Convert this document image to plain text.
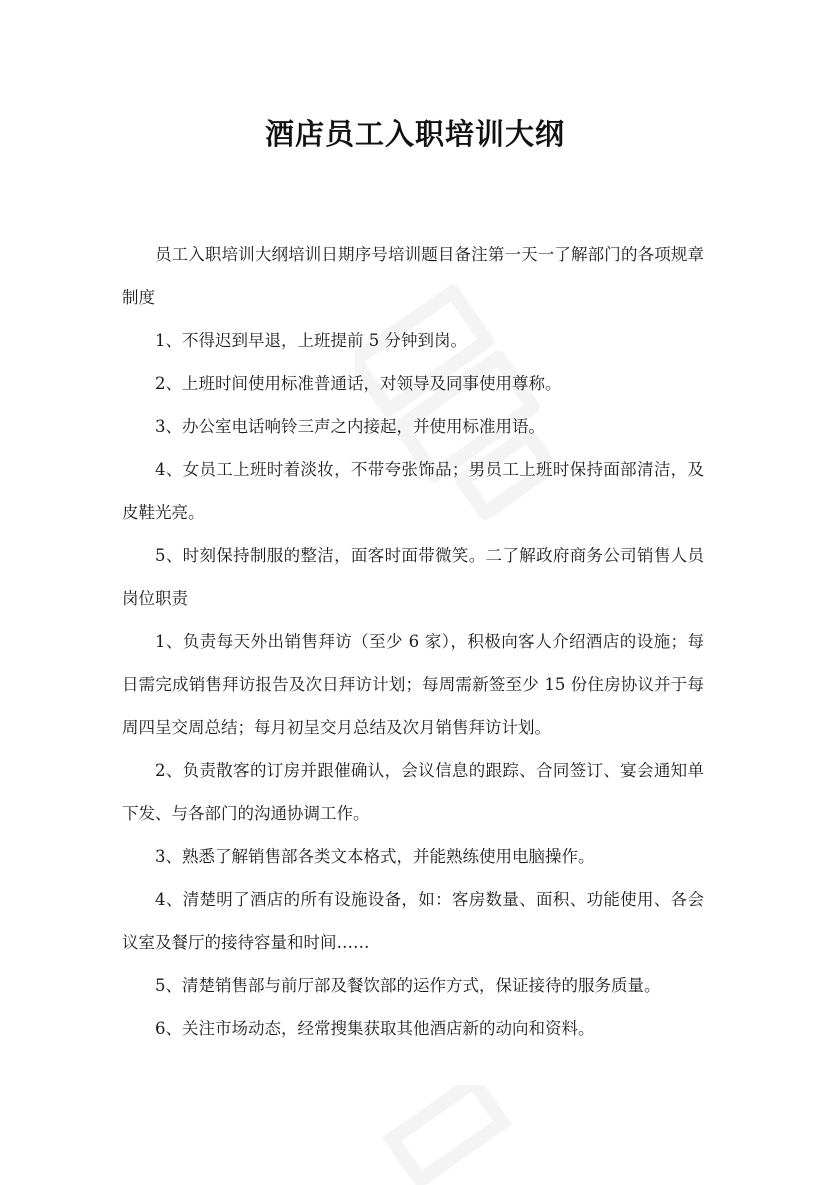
酒店员工入职培训大纲

员工入职培训大纲培训日期序号培训题目备注第一天一了解部门的各项规章制度

1、不得迟到早退，上班提前 5 分钟到岗。

2、上班时间使用标准普通话，对领导及同事使用尊称。

3、办公室电话响铃三声之内接起，并使用标准用语。

4、女员工上班时着淡妆，不带夸张饰品；男员工上班时保持面部清洁，及皮鞋光亮。

5、时刻保持制服的整洁，面客时面带微笑。二了解政府商务公司销售人员岗位职责

1、负责每天外出销售拜访（至少 6 家），积极向客人介绍酒店的设施；每日需完成销售拜访报告及次日拜访计划；每周需新签至少 15 份住房协议并于每周四呈交周总结；每月初呈交月总结及次月销售拜访计划。

2、负责散客的订房并跟催确认，会议信息的跟踪、合同签订、宴会通知单下发、与各部门的沟通协调工作。

3、熟悉了解销售部各类文本格式，并能熟练使用电脑操作。

4、清楚明了酒店的所有设施设备，如：客房数量、面积、功能使用、各会议室及餐厅的接待容量和时间……

5、清楚销售部与前厅部及餐饮部的运作方式，保证接待的服务质量。

6、关注市场动态，经常搜集获取其他酒店新的动向和资料。
